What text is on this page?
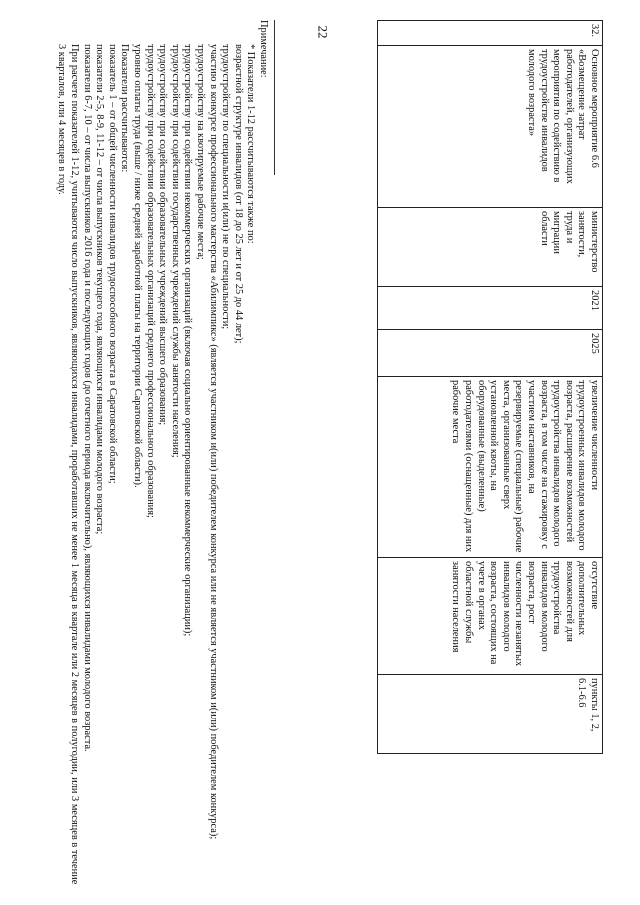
22	32.	Основное мероприятие 6.6 «Возмещение затрат работодателей, организующих мероприятия по содействию в трудоустройстве инвалидов молодого возраста»	министерство занятости, труда и миграции области	2021	2025	увеличение численности трудоустроенных инвалидов молодого возраста, расширение возможностей трудоустройства инвалидов молодого возраста, в том числе на стажировку с участием наставников, на резервируемые (специальные) рабочие места, организованные сверх установленной квоты, на оборудованные (выделенные) работодателями (оснащенные) для них рабочие места	отсутствие дополнительных возможностей для трудоустройства инвалидов молодого возраста, рост численности незанятых инвалидов молодого возраста, состоящих на учете в органах областной службы занятости населения	пункты 1, 2, 6.1-6.6
Примечание:
* Показатели 1-12 рассчитываются также по:
возрастной структуре инвалидов (от 18 до 25 лет и от 25 до 44 лет);
трудоустройству по специальности и(или) не по специальности;
участию в конкурсе профессионального мастерства «Абилимпикс» (является участником и(или) победителем конкурса или не является участником и(или) победителем конкурса);
трудоустройству на квотируемые рабочие места;
трудоустройству при содействии некоммерческих организаций (включая социально ориентированные некоммерческие организации);
трудоустройству при содействии государственных учреждений службы занятости населения;
трудоустройству при содействии образовательных учреждений высшего образования;
трудоустройству при содействии образовательных организаций среднего профессионального образования;
уровню оплаты труда (выше / ниже средней заработной платы на территории Саратовской области).
Показатели рассчитываются:
показатель 1 – от общей численности инвалидов трудоспособного возраста в Саратовской области;
показатели 2-5, 8-9, 11-12 – от числа выпускников текущего года, являющихся инвалидами молодого возраста;
показатели 6-7, 10 – от числа выпускников 2016 года и последующих годов (до отчетного периода включительно), являющихся инвалидами молодого возраста.
При расчете показателей 1-12, учитываются число выпускников, являющихся инвалидами, проработавших не менее 1 месяца в квартале или 2 месяцев в полугодии, или 3 месяцев в течение 3 кварталов, или 4 месяцев в году.
